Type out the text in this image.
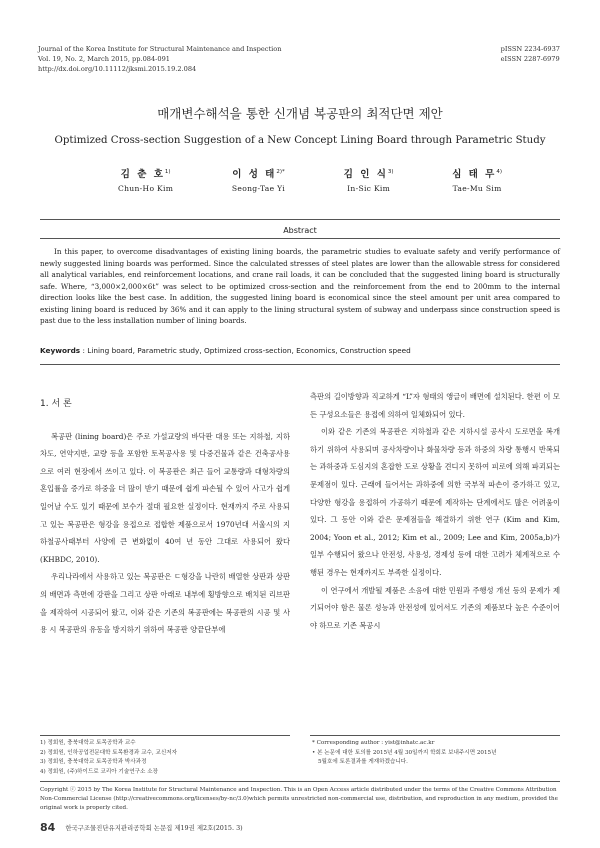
Journal of the Korea Institute for Structural Maintenance and Inspection
Vol. 19, No. 2, March 2015, pp.084-091
http://dx.doi.org/10.11112/jksmi.2015.19.2.084
pISSN 2234-6937
eISSN 2287-6979
매개변수해석을 통한 신개념 복공판의 최적단면 제안
Optimized Cross-section Suggestion of a New Concept Lining Board through Parametric Study
김 춘 호$^{1)}$
Chun-Ho Kim
이 성 태$^{2)*}$
Seong-Tae Yi
김 인 식$^{3)}$
In-Sic Kim
심 태 무$^{4)}$
Tae-Mu Sim
Abstract
In this paper, to overcome disadvantages of existing lining boards, the parametric studies to evaluate safety and verify performance of newly suggested lining boards was performed. Since the calculated stresses of steel plates are lower than the allowable stress for considered all analytical variables, end reinforcement locations, and crane rail loads, it can be concluded that the suggested lining board is structurally safe. Where, “3,000×2,000×6t” was select to be optimized cross-section and the reinforcement from the end to 200mm to the internal direction looks like the best case. In addition, the suggested lining board is economical since the steel amount per unit area compared to existing lining board is reduced by 36% and it can apply to the lining structural system of subway and underpass since construction speed is past due to the less installation number of lining boards.
Keywords : Lining board, Parametric study, Optimized cross-section, Economics, Construction speed
1. 서 론

복공판 (lining board)은 주로 가설교량의 바닥판 대용 또는 지하철, 지하차도, 연약지반, 교량 등을 포함한 토목공사용 및 다중건물과 같은 건축공사용으로 여러 현장에서 쓰이고 있다. 이 복공판은 최근 들어 교통량과 대형차량의 혼입률을 증가로 하중을 더 많이 받기 때문에 쉽게 파손될 수 있어 사고가 쉽게 일어날 수도 있기 때문에 보수가 절대 필요한 실정이다. 현재까지 주로 사용되고 있는 복공판은 형강을 용접으로 접합한 제품으로서 1970년대 서울시의 지하철공사때부터 사양에 큰 변화없이 40여 년 동안 그대로 사용되어 왔다 (KHBDC, 2010).

우리나라에서 사용하고 있는 복공판은 ㄷ형강을 나란히 배열한 상판과 상판의 배면과 측면에 강판을 그리고 상판 아래로 내부에 횡방향으로 배치된 리브판을 제작하여 시공되어 왔고, 이와 같은 기존의 복공판에는 복공판의 시공 및 사용 시 복공판의 유동을 방지하기 위하여 복공판 양끝단부에

측판의 길이방향과 직교하게 “L”자 형태의 앵글이 배면에 설치된다. 한편 이 모든 구성요소들은 용접에 의하여 일체화되어 있다.

이와 같은 기존의 복공판은 지하철과 같은 지하시설 공사시 도로면을 복개하기 위하여 사용되며 공사차량이나 화물차량 등과 하중의 차량 통행시 반복되는 과하중과 도심지의 혼잡한 도로 상황을 견디지 못하여 피로에 의해 파괴되는 문제점이 있다. 근래에 들어서는 과하중에 의한 국부적 파손이 증가하고 있고, 다양한 형강을 용접하여 가공하기 때문에 제작하는 단계에서도 많은 어려움이 있다. 그 동안 이와 같은 문제점들을 해결하기 위한 연구 (Kim and Kim, 2004; Yoon et al., 2012; Kim et al., 2009; Lee and Kim, 2005a,b)가 일부 수행되어 왔으나 안전성, 사용성, 경제성 등에 대한 고려가 체계적으로 수행된 경우는 현재까지도 부족한 실정이다.

이 연구에서 개발될 제품은 소음에 대한 민원과 주행성 개선 등의 문제가 제기되어야 함은 물론 성능과 안전성에 있어서도 기존의 제품보다 높은 수준이어야 하므로 기존 복공시

1) 정회원, 충북대학교 토목공학과 교수
2) 정회원, 인하공업전문대학 토목환경과 교수, 교신저자
3) 정회원, 충북대학교 토목공학과 박사과정
4) 정회원, (주)하이드로 코리아 기술연구소 소장
* Corresponding author : yist@inhatc.ac.kr
• 본 논문에 대한 토의를 2015년 4월 30일까지 학회로 보내주시면 2015년
5월호에 토론결과를 게재하겠습니다.
Copyright ⓒ 2015 by The Korea Institute for Structural Maintenance and Inspection. This is an Open Access article distributed under the terms of the Creative Commons Attribution Non-Commercial License (http://creativecommons.org/licenses/by-nc/3.0)which permits unrestricted non-commercial use, distribution, and reproduction in any medium, provided the original work is properly cited.
84 한국구조물진단유지관리공학회 논문집 제19권 제2호(2015. 3)
